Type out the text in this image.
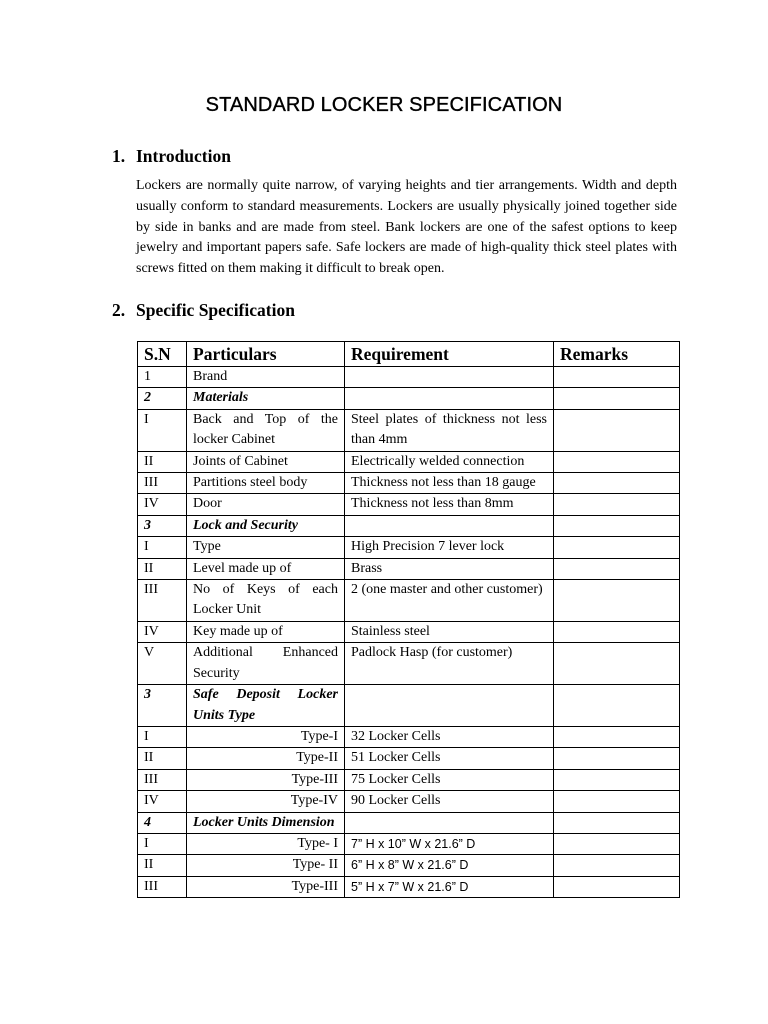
STANDARD LOCKER SPECIFICATION
1. Introduction
Lockers are normally quite narrow, of varying heights and tier arrangements. Width and depth usually conform to standard measurements. Lockers are usually physically joined together side by side in banks and are made from steel. Bank lockers are one of the safest options to keep jewelry and important papers safe. Safe lockers are made of high-quality thick steel plates with screws fitted on them making it difficult to break open.
2. Specific Specification
S.N	Particulars	Requirement	Remarks
1	Brand		
2	Materials		
I	Back and Top of the locker Cabinet	Steel plates of thickness not less than 4mm	
II	Joints of Cabinet	Electrically welded connection	
III	Partitions steel body	Thickness not less than 18 gauge	
IV	Door	Thickness not less than 8mm	
3	Lock and Security		
I	Type	High Precision 7 lever lock	
II	Level made up of	Brass	
III	No of Keys of each Locker Unit	2 (one master and other customer)	
IV	Key made up of	Stainless steel	
V	Additional Enhanced Security	Padlock Hasp (for customer)	
3	Safe Deposit Locker Units Type		
I	Type-I	32 Locker Cells	
II	Type-II	51 Locker Cells	
III	Type-III	75 Locker Cells	
IV	Type-IV	90 Locker Cells	
4	Locker Units Dimension		
I	Type- I	7” H x 10” W x 21.6” D	
II	Type- II	6” H x 8” W x 21.6” D	
III	Type-III	5” H x 7” W x 21.6” D	
